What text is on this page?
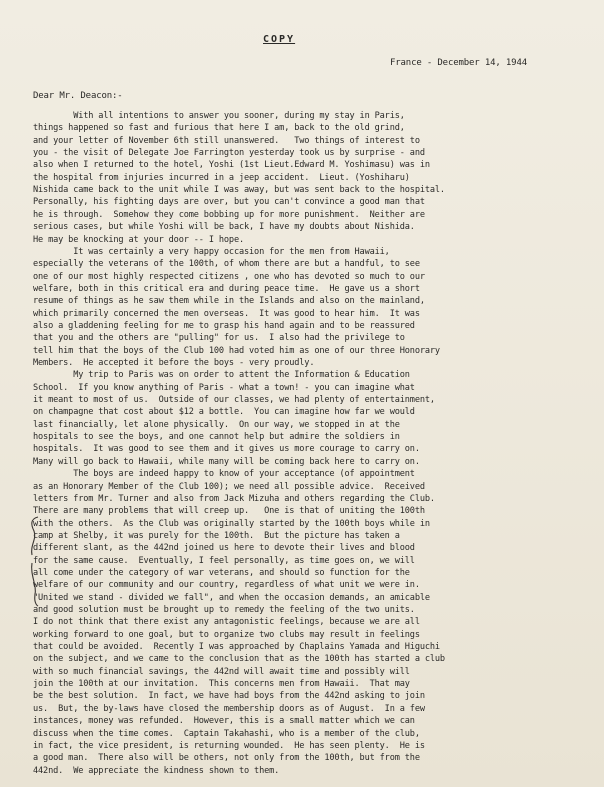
COPY
France - December 14, 1944
Dear Mr. Deacon:-
With all intentions to answer you sooner, during my stay in Paris,
things happened so fast and furious that here I am, back to the old grind,
and your letter of November 6th still unanswered.   Two things of interest to
you - the visit of Delegate Joe Farrington yesterday took us by surprise - and
also when I returned to the hotel, Yoshi (1st Lieut.Edward M. Yoshimasu) was in
the hospital from injuries incurred in a jeep accident.  Lieut. (Yoshiharu)
Nishida came back to the unit while I was away, but was sent back to the hospital.
Personally, his fighting days are over, but you can't convince a good man that
he is through.  Somehow they come bobbing up for more punishment.  Neither are
serious cases, but while Yoshi will be back, I have my doubts about Nishida.
He may be knocking at your door -- I hope.
It was certainly a very happy occasion for the men from Hawaii,
especially the veterans of the 100th, of whom there are but a handful, to see
one of our most highly respected citizens , one who has devoted so much to our
welfare, both in this critical era and during peace time.  He gave us a short
resume of things as he saw them while in the Islands and also on the mainland,
which primarily concerned the men overseas.  It was good to hear him.  It was
also a gladdening feeling for me to grasp his hand again and to be reassured
that you and the others are "pulling" for us.  I also had the privilege to
tell him that the boys of the Club 100 had voted him as one of our three Honorary
Members.  He accepted it before the boys - very proudly.
My trip to Paris was on order to attent the Information & Education
School.  If you know anything of Paris - what a town! - you can imagine what
it meant to most of us.  Outside of our classes, we had plenty of entertainment,
on champagne that cost about $12 a bottle.  You can imagine how far we would
last financially, let alone physically.  On our way, we stopped in at the
hospitals to see the boys, and one cannot help but admire the soldiers in
hospitals.  It was good to see them and it gives us more courage to carry on.
Many will go back to Hawaii, while many will be coming back here to carry on.
The boys are indeed happy to know of your acceptance (of appointment
as an Honorary Member of the Club 100); we need all possible advice.  Received
letters from Mr. Turner and also from Jack Mizuha and others regarding the Club.
There are many problems that will creep up.   One is that of uniting the 100th
with the others.  As the Club was originally started by the 100th boys while in
camp at Shelby, it was purely for the 100th.  But the picture has taken a
different slant, as the 442nd joined us here to devote their lives and blood
for the same cause.  Eventually, I feel personally, as time goes on, we will
all come under the category of war veterans, and should so function for the
welfare of our community and our country, regardless of what unit we were in.
"United we stand - divided we fall", and when the occasion demands, an amicable
and good solution must be brought up to remedy the feeling of the two units.
I do not think that there exist any antagonistic feelings, because we are all
working forward to one goal, but to organize two clubs may result in feelings
that could be avoided.  Recently I was approached by Chaplains Yamada and Higuchi
on the subject, and we came to the conclusion that as the 100th has started a club
with so much financial savings, the 442nd will await time and possibly will
join the 100th at our invitation.  This concerns men from Hawaii.  That may
be the best solution.  In fact, we have had boys from the 442nd asking to join
us.  But, the by-laws have closed the membership doors as of August.  In a few
instances, money was refunded.  However, this is a small matter which we can
discuss when the time comes.  Captain Takahashi, who is a member of the club,
in fact, the vice president, is returning wounded.  He has seen plenty.  He is
a good man.  There also will be others, not only from the 100th, but from the
442nd.  We appreciate the kindness shown to them.
